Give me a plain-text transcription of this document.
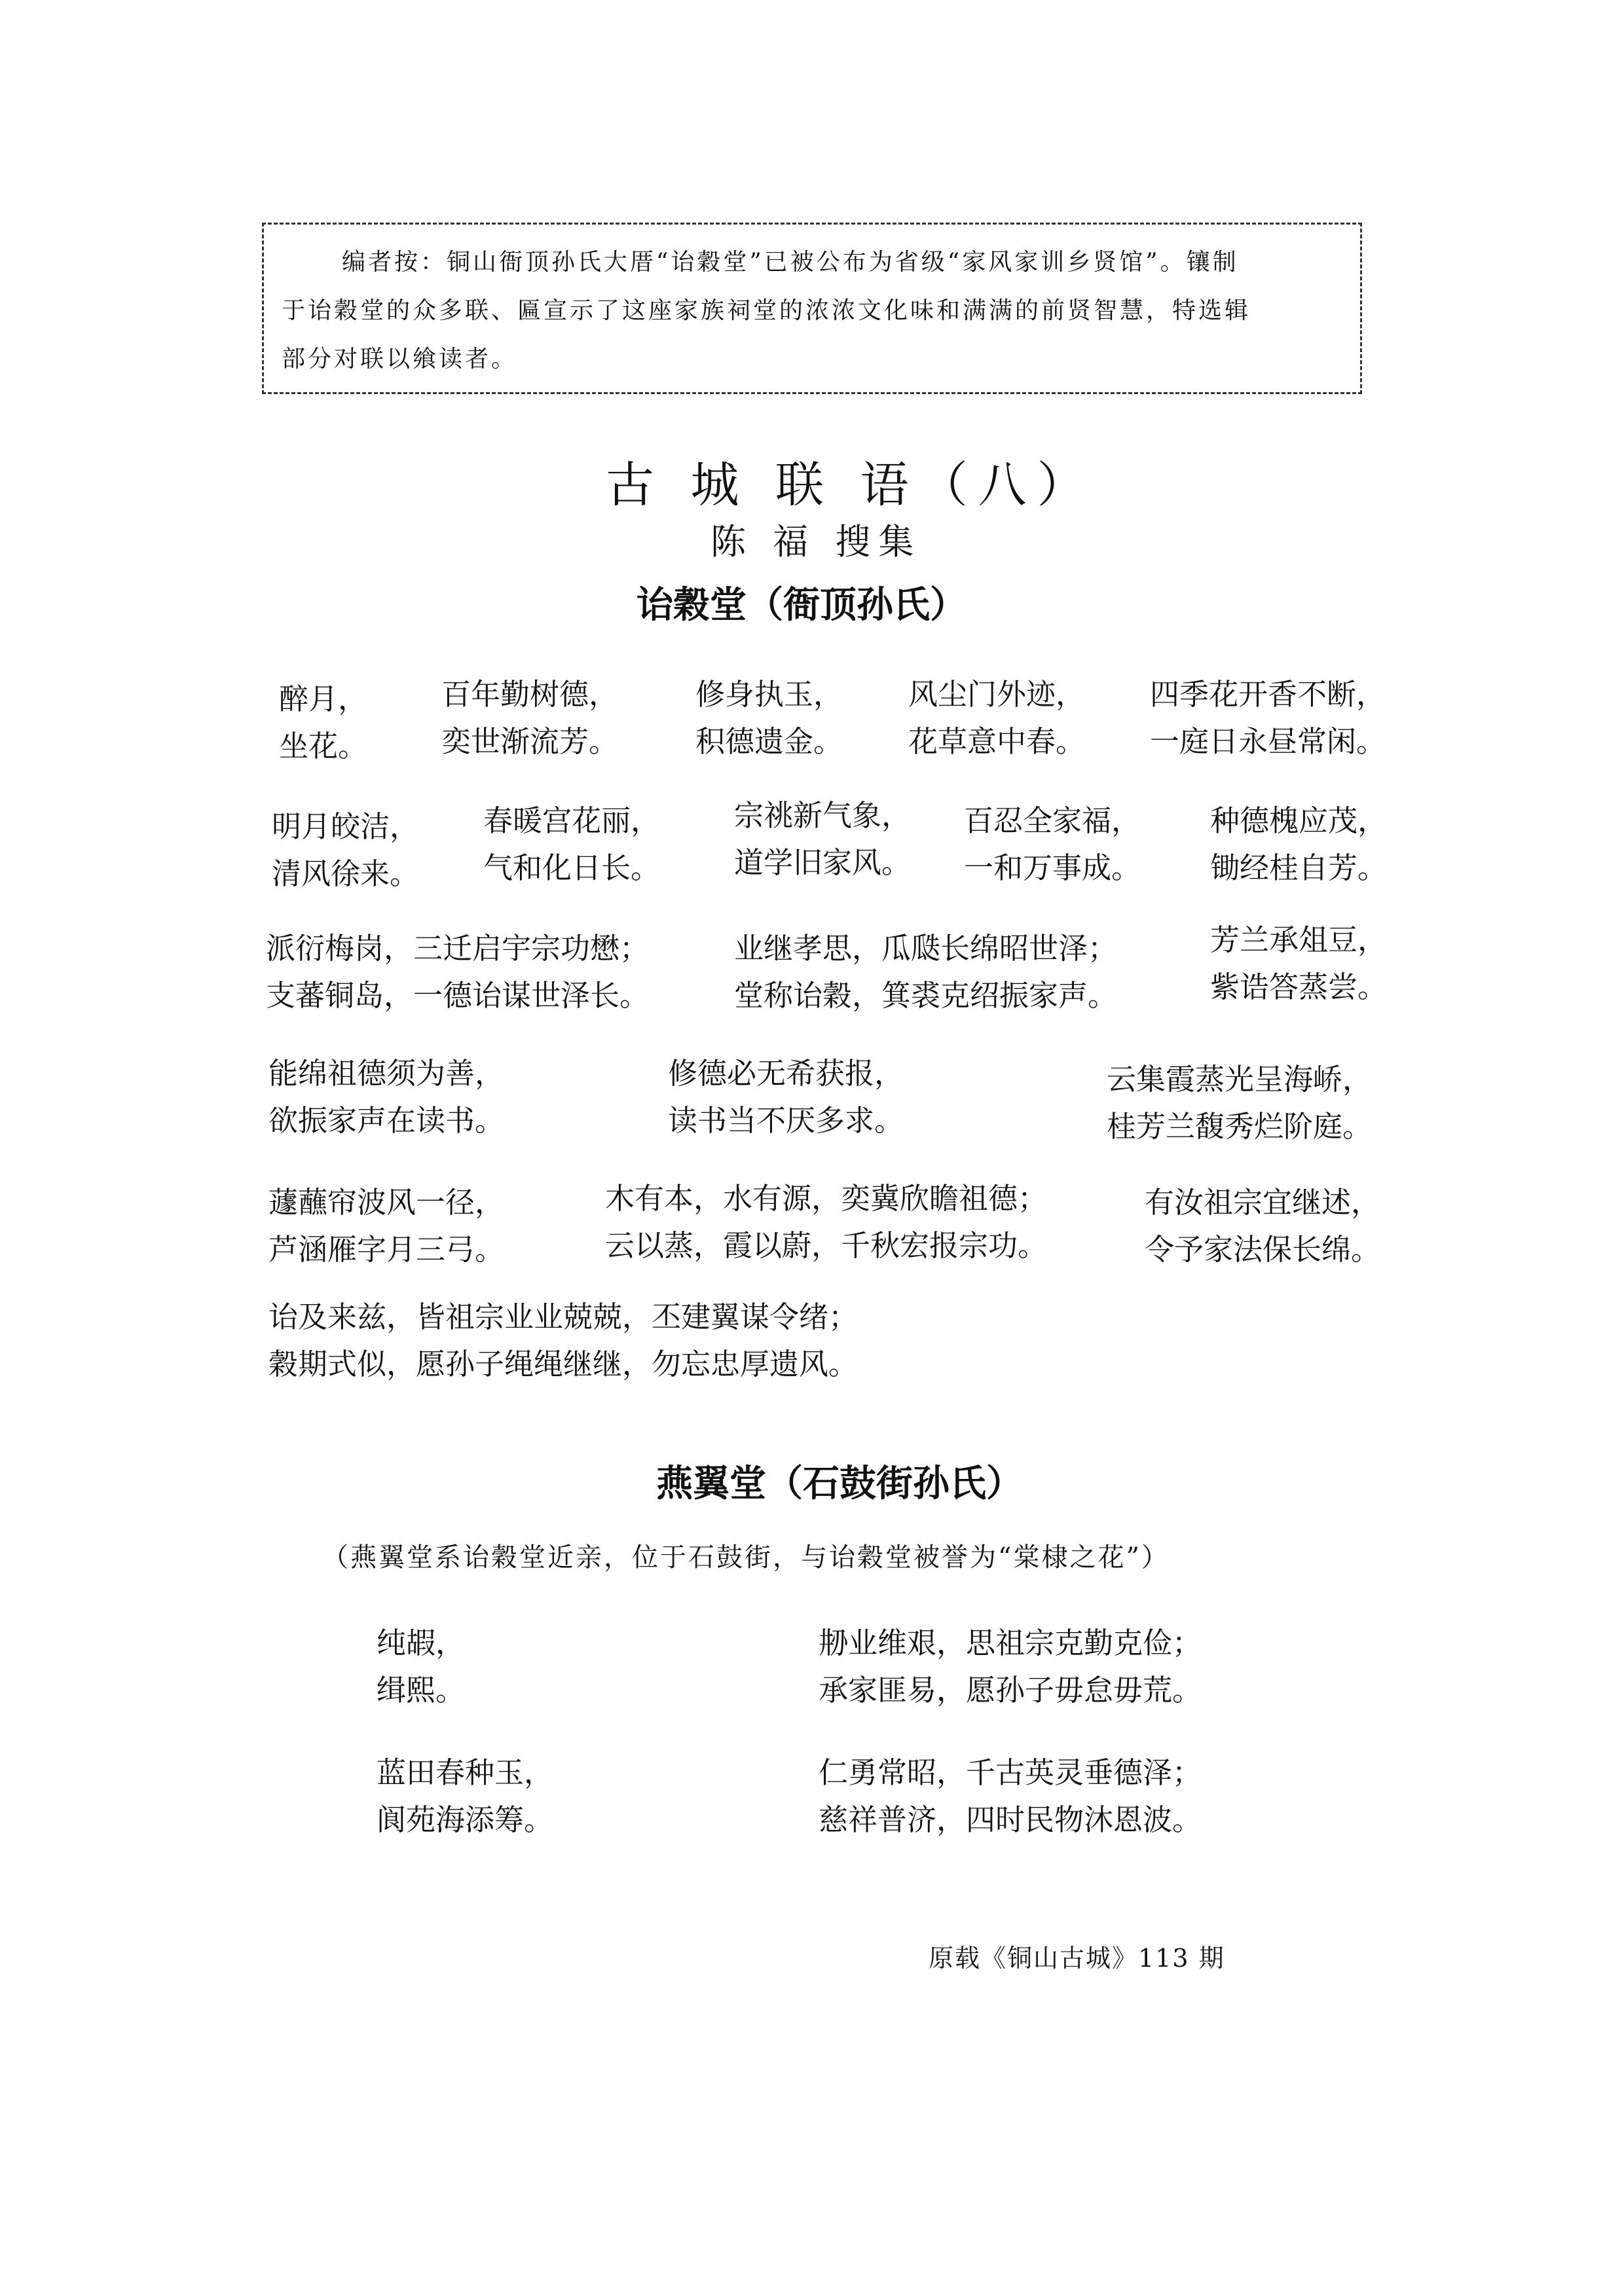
编者按：铜山衙顶孙氏大厝“诒穀堂”已被公布为省级“家风家训乡贤馆”。镶制
于诒穀堂的众多联、匾宣示了这座家族祠堂的浓浓文化味和满满的前贤智慧，特选辑
部分对联以飨读者。
古 城 联 语（八）
陈 福 搜集
诒穀堂（衙顶孙氏）
醉月，
坐花。
百年勤树德，
奕世渐流芳。
修身执玉，
积德遗金。
风尘门外迹，
花草意中春。
四季花开香不断，
一庭日永昼常闲。
明月皎洁，
清风徐来。
春暖宫花丽，
气和化日长。
宗祧新气象，
道学旧家风。
百忍全家福，
一和万事成。
种德槐应茂，
锄经桂自芳。
派衍梅岗，三迁启宇宗功懋；
支蕃铜岛，一德诒谋世泽长。
业继孝思，瓜瓞长绵昭世泽；
堂称诒穀，箕裘克绍振家声。
芳兰承俎豆，
紫诰答蒸尝。
能绵祖德须为善，
欲振家声在读书。
修德必无希获报，
读书当不厌多求。
云集霞蒸光呈海峤，
桂芳兰馥秀烂阶庭。
蘧蘸帘波风一径，
芦涵雁字月三弓。
木有本，水有源，奕冀欣瞻祖德；
云以蒸，霞以蔚，千秋宏报宗功。
有汝祖宗宜继述，
令予家法保长绵。
诒及来兹，皆祖宗业业兢兢，丕建翼谋令绪；
穀期式似，愿孙子绳绳继继，勿忘忠厚遗风。
燕翼堂（石鼓街孙氏）
（燕翼堂系诒穀堂近亲，位于石鼓街，与诒穀堂被誉为“棠棣之花”）
纯嘏，
缉熙。
刱业维艰，思祖宗克勤克俭；
承家匪易，愿孙子毋怠毋荒。
蓝田春种玉，
阆苑海添筹。
仁勇常昭，千古英灵垂德泽；
慈祥普济，四时民物沐恩波。
原载《铜山古城》113 期
